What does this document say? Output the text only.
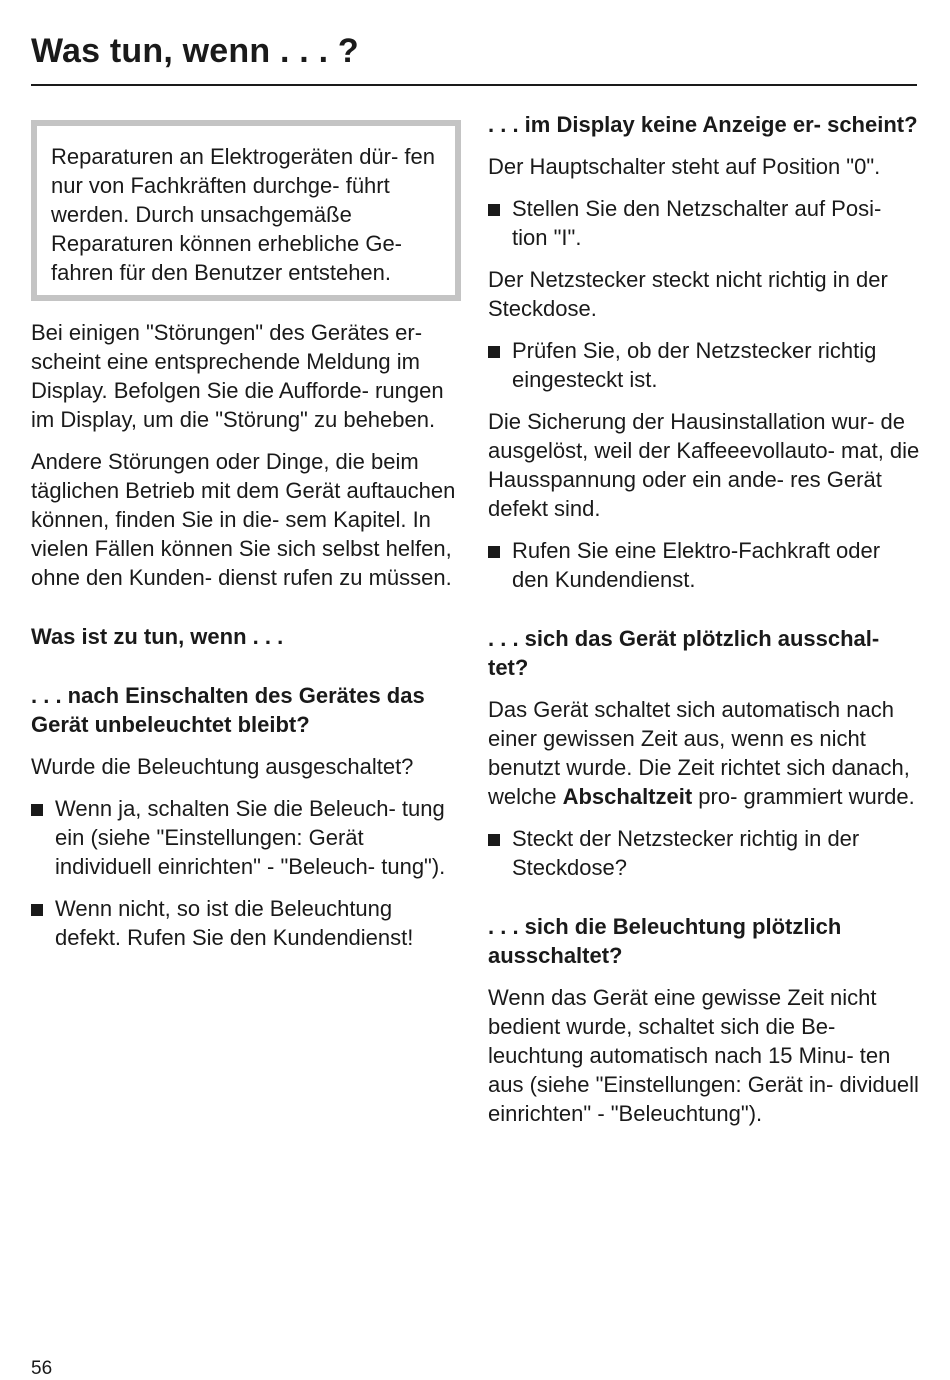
Was tun, wenn . . . ?

Reparaturen an Elektrogeräten dür- fen nur von Fachkräften durchge- führt werden. Durch unsachgemäße Reparaturen können erhebliche Ge- fahren für den Benutzer entstehen.

Bei einigen "Störungen" des Gerätes er- scheint eine entsprechende Meldung im Display. Befolgen Sie die Aufforde- rungen im Display, um die "Störung" zu beheben.

Andere Störungen oder Dinge, die beim täglichen Betrieb mit dem Gerät auftauchen können, finden Sie in die- sem Kapitel. In vielen Fällen können Sie sich selbst helfen, ohne den Kunden- dienst rufen zu müssen.

Was ist zu tun, wenn . . .
. . . nach Einschalten des Gerätes das Gerät unbeleuchtet bleibt?

Wurde die Beleuchtung ausgeschaltet?

Wenn ja, schalten Sie die Beleuch- tung ein (siehe "Einstellungen: Gerät individuell einrichten" - "Beleuch- tung").
Wenn nicht, so ist die Beleuchtung defekt. Rufen Sie den Kundendienst!
. . . im Display keine Anzeige er- scheint?

Der Hauptschalter steht auf Position "0".

Stellen Sie den Netzschalter auf Posi- tion "I".

Der Netzstecker steckt nicht richtig in der Steckdose.

Prüfen Sie, ob der Netzstecker richtig eingesteckt ist.

Die Sicherung der Hausinstallation wur- de ausgelöst, weil der Kaffeeevollauto- mat, die Hausspannung oder ein ande- res Gerät defekt sind.

Rufen Sie eine Elektro-Fachkraft oder den Kundendienst.
. . . sich das Gerät plötzlich ausschal- tet?

Das Gerät schaltet sich automatisch nach einer gewissen Zeit aus, wenn es nicht benutzt wurde. Die Zeit richtet sich danach, welche Abschaltzeit pro- grammiert wurde.

Steckt der Netzstecker richtig in der Steckdose?
. . . sich die Beleuchtung plötzlich ausschaltet?

Wenn das Gerät eine gewisse Zeit nicht bedient wurde, schaltet sich die Be- leuchtung automatisch nach 15 Minu- ten aus (siehe "Einstellungen: Gerät in- dividuell einrichten" - "Beleuchtung").

56
